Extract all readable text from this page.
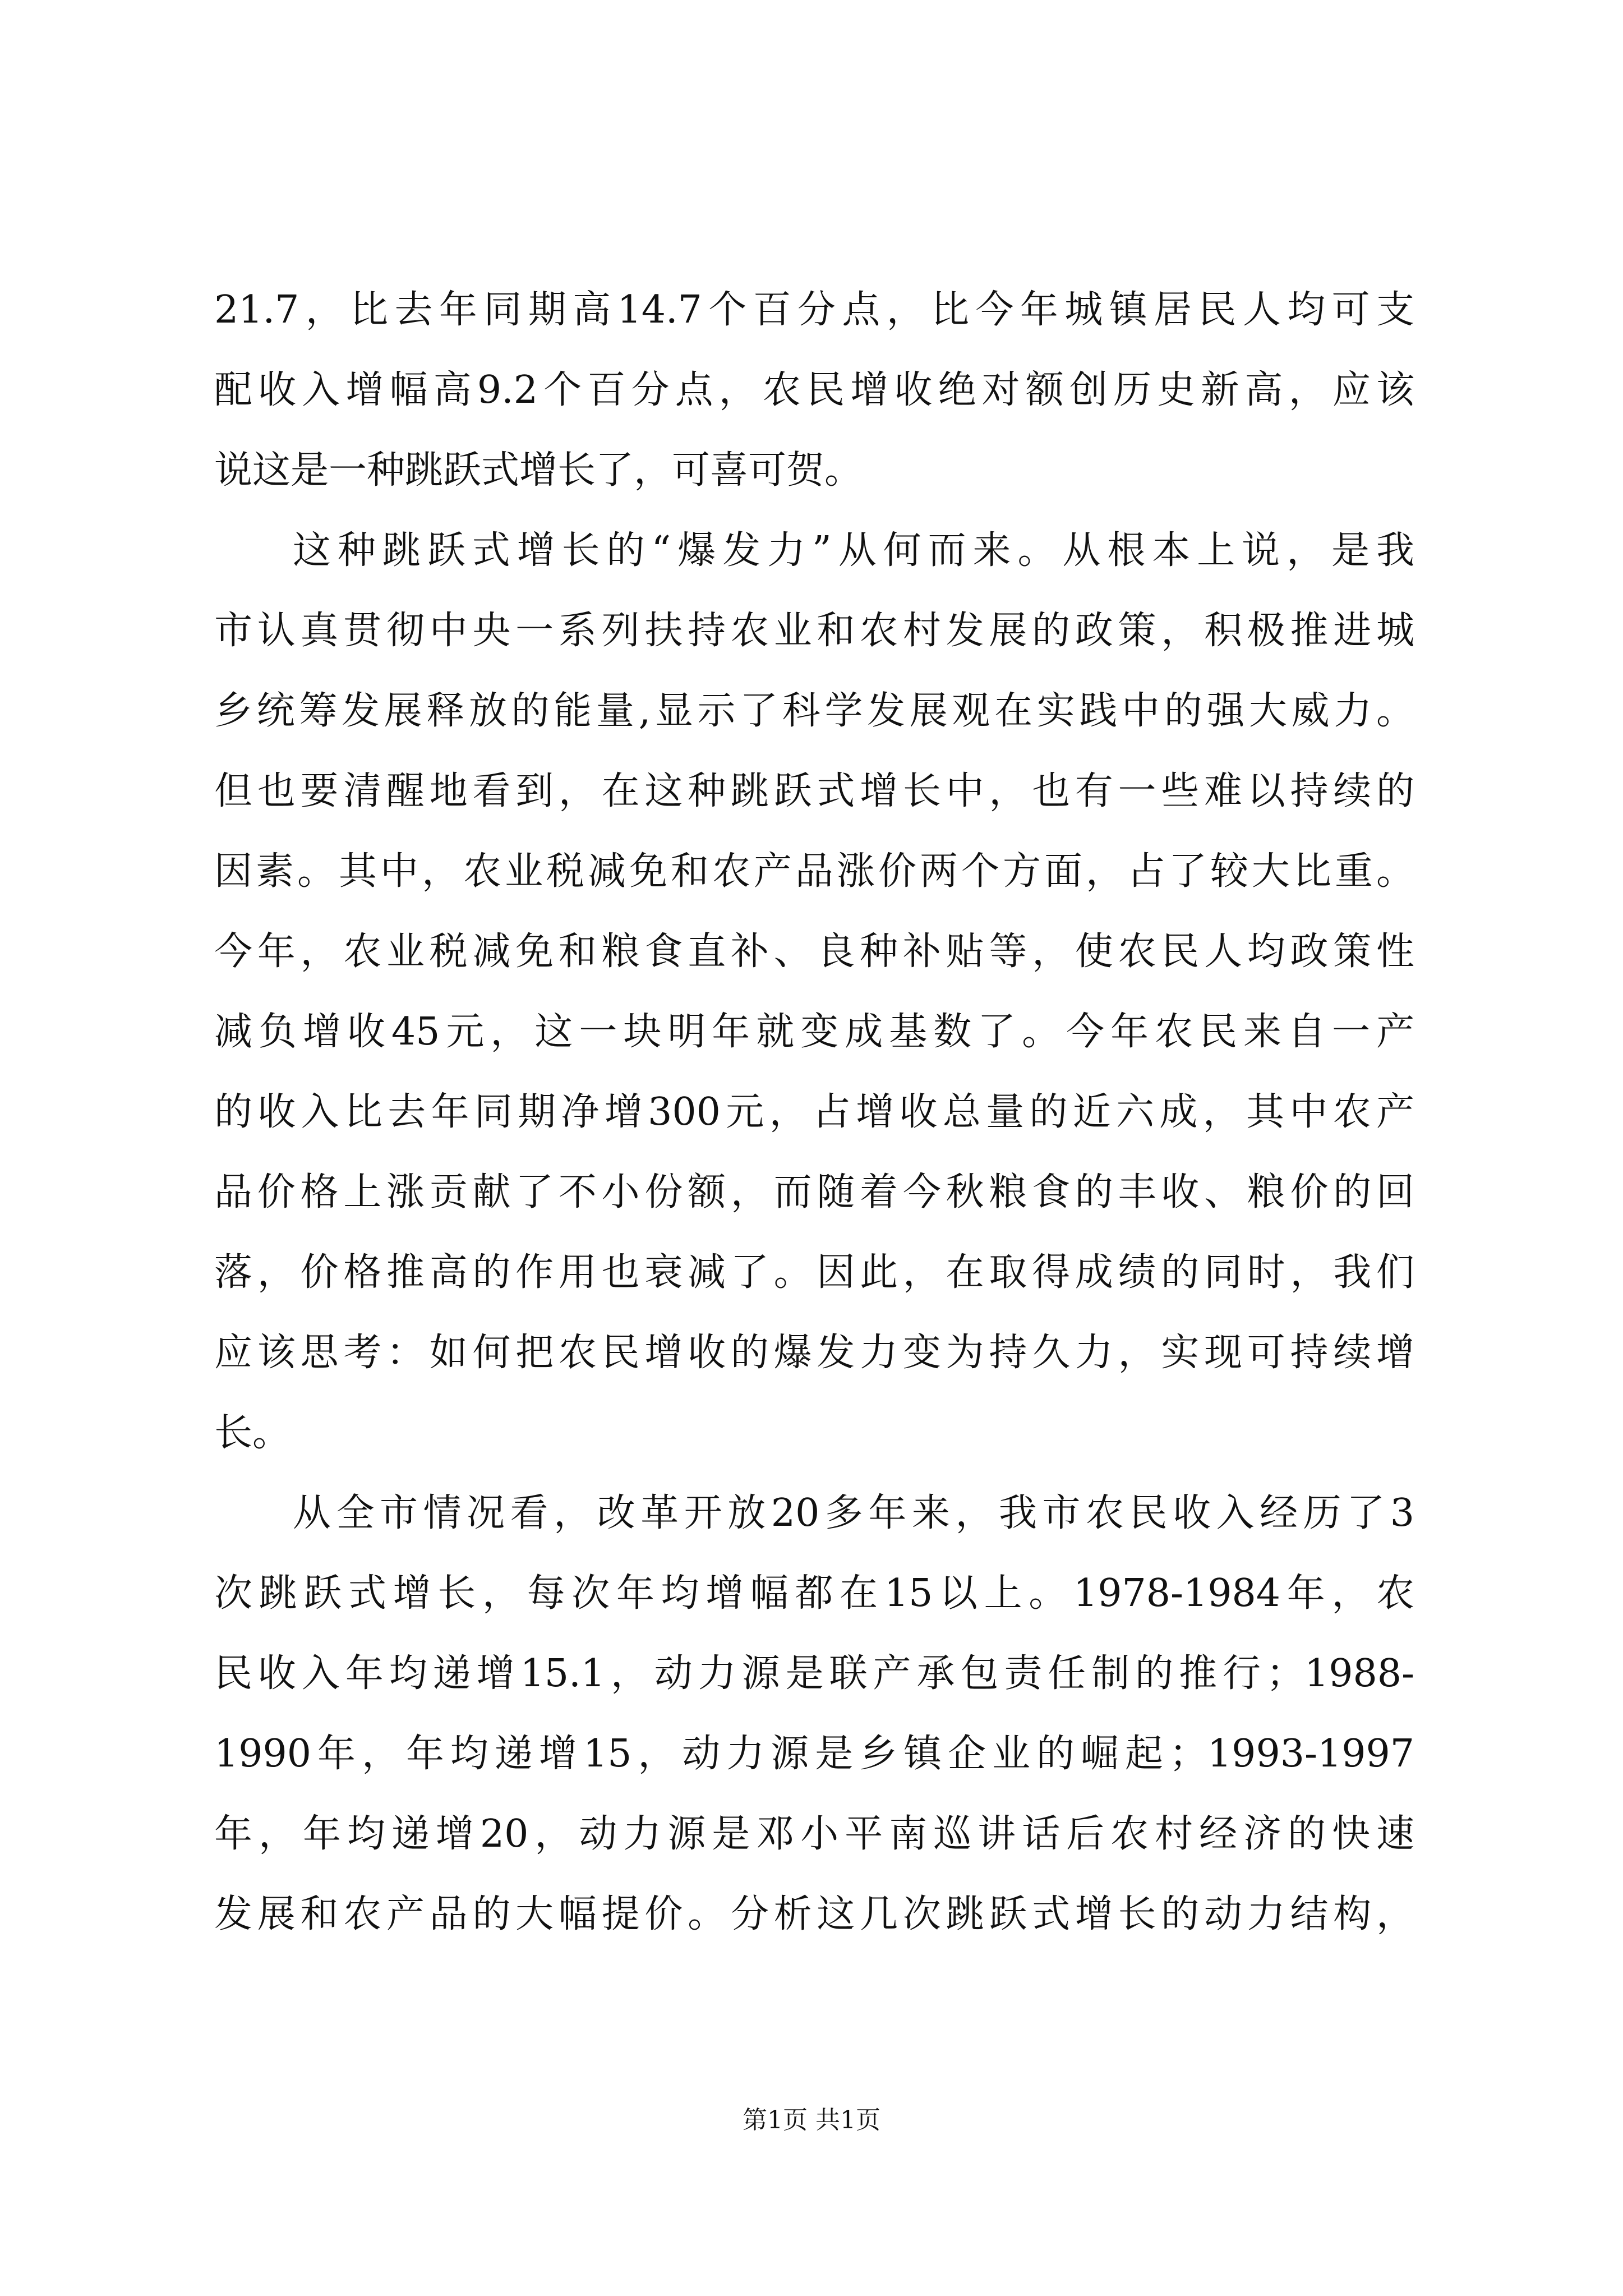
21.7，比去年同期高14.7个百分点，比今年城镇居民人均可支
配收入增幅高9.2个百分点，农民增收绝对额创历史新高，应该
说这是一种跳跃式增长了，可喜可贺。
这种跳跃式增长的“爆发力”从何而来。从根本上说，是我
市认真贯彻中央一系列扶持农业和农村发展的政策，积极推进城
乡统筹发展释放的能量,显示了科学发展观在实践中的强大威力。
但也要清醒地看到，在这种跳跃式增长中，也有一些难以持续的
因素。其中，农业税减免和农产品涨价两个方面，占了较大比重。
今年，农业税减免和粮食直补、良种补贴等，使农民人均政策性
减负增收45元，这一块明年就变成基数了。今年农民来自一产
的收入比去年同期净增300元，占增收总量的近六成，其中农产
品价格上涨贡献了不小份额，而随着今秋粮食的丰收、粮价的回
落，价格推高的作用也衰减了。因此，在取得成绩的同时，我们
应该思考：如何把农民增收的爆发力变为持久力，实现可持续增
长。
从全市情况看，改革开放20多年来，我市农民收入经历了3
次跳跃式增长，每次年均增幅都在15以上。1978-1984年，农
民收入年均递增15.1，动力源是联产承包责任制的推行；1988-
1990年，年均递增15，动力源是乡镇企业的崛起；1993-1997
年，年均递增20，动力源是邓小平南巡讲话后农村经济的快速
发展和农产品的大幅提价。分析这几次跳跃式增长的动力结构，
第1页 共1页
